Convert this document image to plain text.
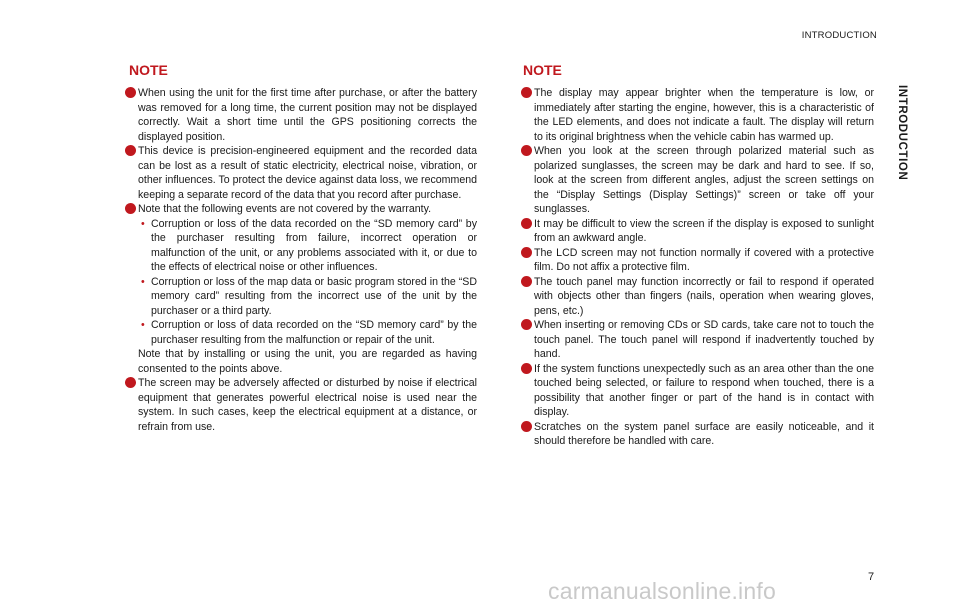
INTRODUCTION
INTRODUCTION
NOTE
When using the unit for the first time after purchase, or after the battery was removed for a long time, the current position may not be displayed correctly. Wait a short time until the GPS positioning corrects the displayed position.
This device is precision-engineered equipment and the recorded data can be lost as a result of static electricity, electrical noise, vibration, or other influences. To protect the device against data loss, we recommend keeping a separate record of the data that you record after purchase.
Note that the following events are not covered by the warranty.
• Corruption or loss of the data recorded on the “SD memory card” by the purchaser resulting from failure, incorrect operation or malfunction of the unit, or any problems associated with it, or due to the effects of electrical noise or other influences.
• Corruption or loss of the map data or basic program stored in the “SD memory card” resulting from the incorrect use of the unit by the purchaser or a third party.
• Corruption or loss of data recorded on the “SD memory card” by the purchaser resulting from the malfunction or repair of the unit.
Note that by installing or using the unit, you are regarded as having consented to the points above.
The screen may be adversely affected or disturbed by noise if electrical equipment that generates powerful electrical noise is used near the system. In such cases, keep the electrical equipment at a distance, or refrain from use.
NOTE
The display may appear brighter when the temperature is low, or immediately after starting the engine, however, this is a characteristic of the LED elements, and does not indicate a fault. The display will return to its original brightness when the vehicle cabin has warmed up.
When you look at the screen through polarized material such as polarized sunglasses, the screen may be dark and hard to see. If so, look at the screen from different angles, adjust the screen settings on the “Display Settings (Display Settings)” screen or take off your sunglasses.
It may be difficult to view the screen if the display is exposed to sunlight from an awkward angle.
The LCD screen may not function normally if covered with a protective film. Do not affix a protective film.
The touch panel may function incorrectly or fail to respond if operated with objects other than fingers (nails, operation when wearing gloves, pens, etc.)
When inserting or removing CDs or SD cards, take care not to touch the touch panel. The touch panel will respond if inadvertently touched by hand.
If the system functions unexpectedly such as an area other than the one touched being selected, or failure to respond when touched, there is a possibility that another finger or part of the hand is in contact with display.
Scratches on the system panel surface are easily noticeable, and it should therefore be handled with care.
7
carmanualsonline.info
